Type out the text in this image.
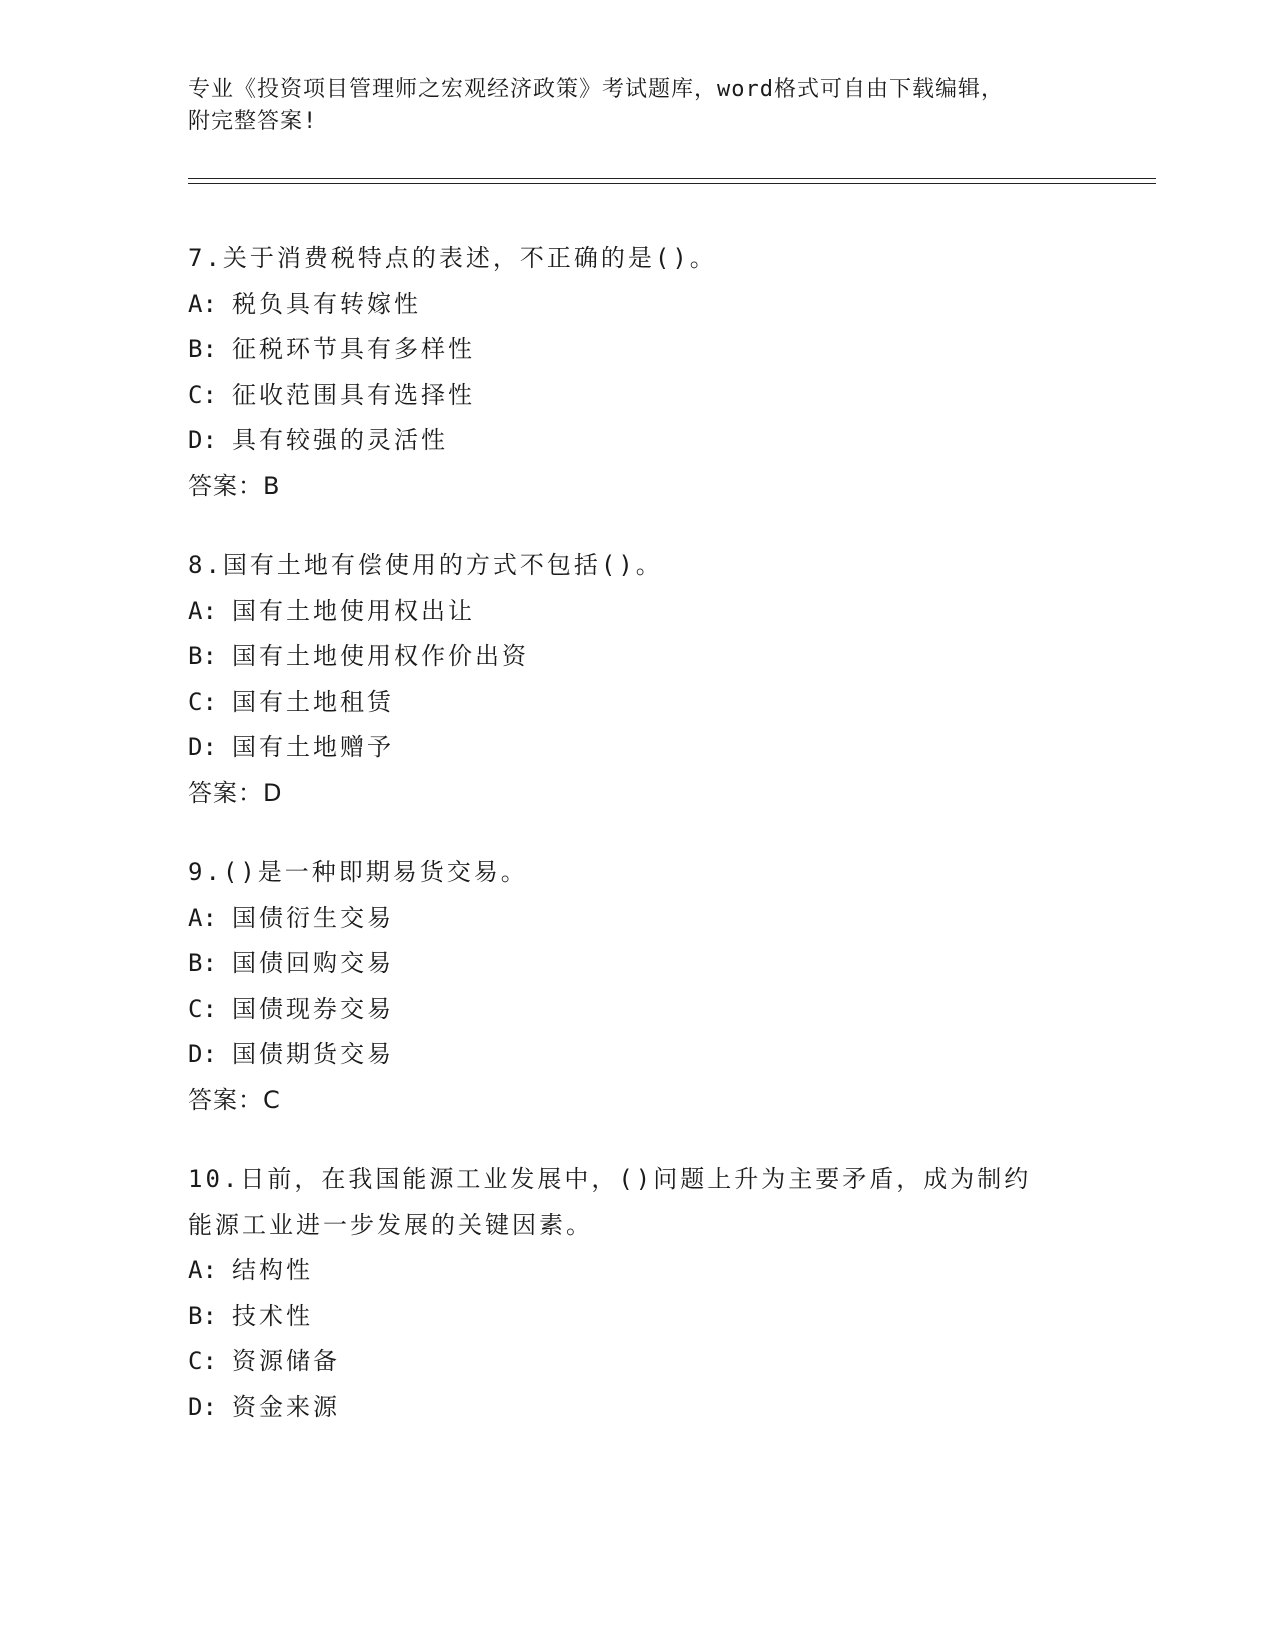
专业《投资项目管理师之宏观经济政策》考试题库，word格式可自由下载编辑，
附完整答案!

7.关于消费税特点的表述，不正确的是()。

A: 税负具有转嫁性

B: 征税环节具有多样性

C: 征收范围具有选择性

D: 具有较强的灵活性

答案：B

8.国有土地有偿使用的方式不包括()。

A: 国有土地使用权出让

B: 国有土地使用权作价出资

C: 国有土地租赁

D: 国有土地赠予

答案：D

9.()是一种即期易货交易。

A: 国债衍生交易

B: 国债回购交易

C: 国债现券交易

D: 国债期货交易

答案：C

10.日前，在我国能源工业发展中，()问题上升为主要矛盾，成为制约

能源工业进一步发展的关键因素。

A: 结构性

B: 技术性

C: 资源储备

D: 资金来源
